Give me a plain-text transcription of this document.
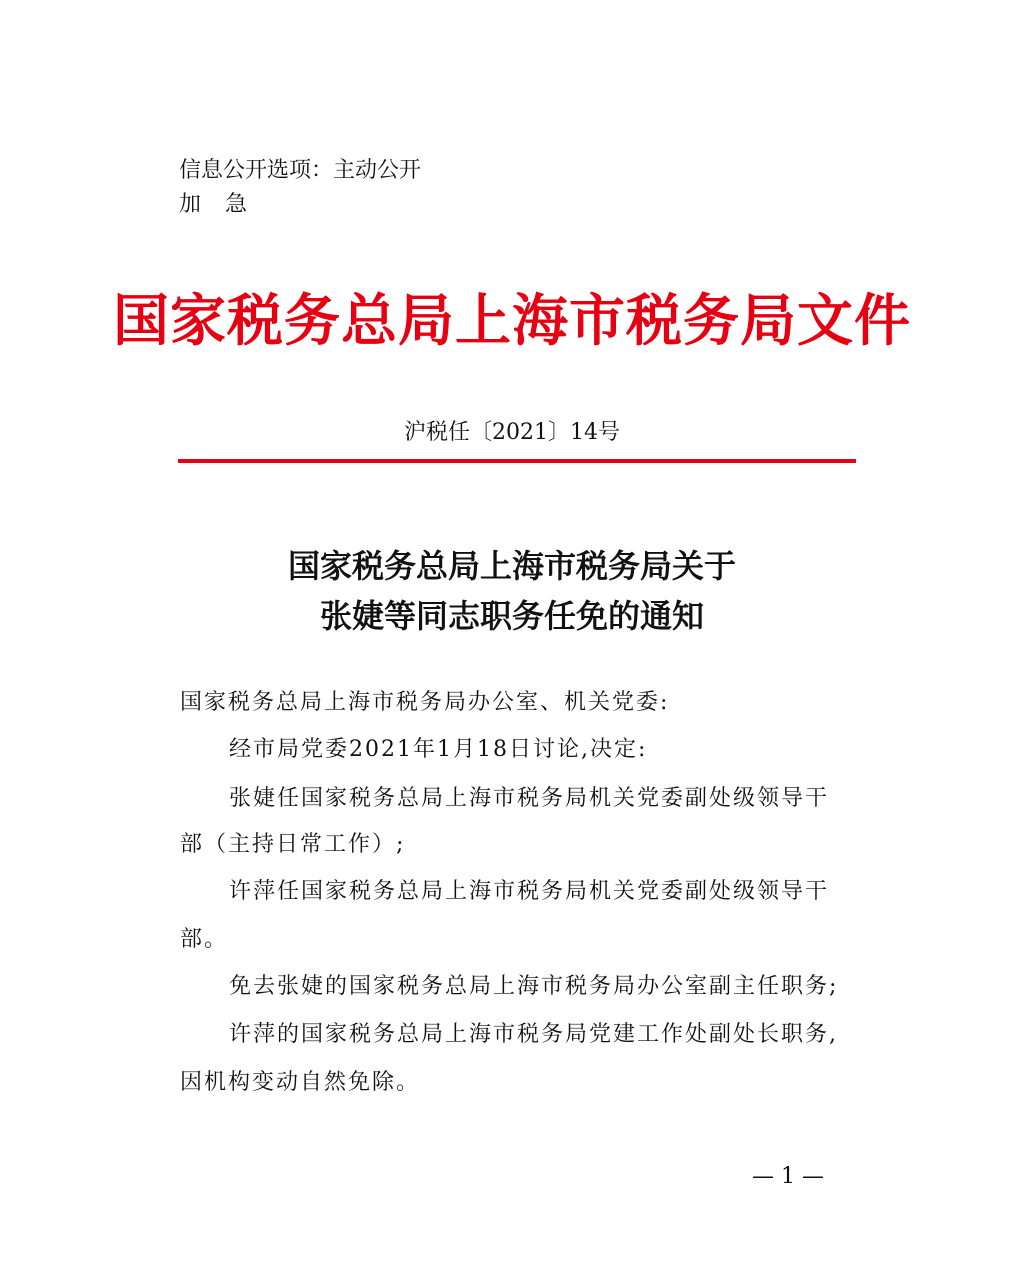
信息公开选项：主动公开
加　急
国家税务总局上海市税务局文件
沪税任〔2021〕14号
国家税务总局上海市税务局关于
张婕等同志职务任免的通知
国家税务总局上海市税务局办公室、机关党委:
经市局党委2021年1月18日讨论,决定:
张婕任国家税务总局上海市税务局机关党委副处级领导干
部（主持日常工作）;
许萍任国家税务总局上海市税务局机关党委副处级领导干
部。
免去张婕的国家税务总局上海市税务局办公室副主任职务;
许萍的国家税务总局上海市税务局党建工作处副处长职务,
因机构变动自然免除。
— 1 —
